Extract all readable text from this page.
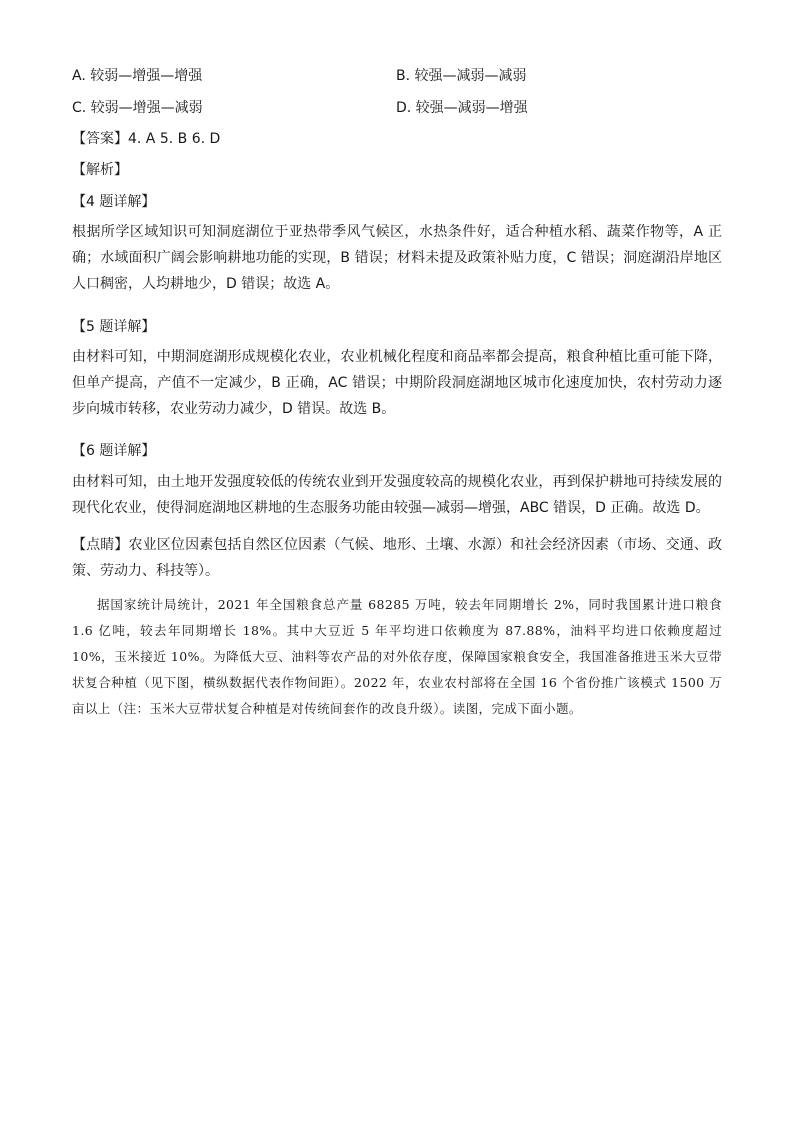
A. 较弱—增强—增强	B. 较强—减弱—减弱
C. 较弱—增强—减弱	D. 较强—减弱—增强
【答案】4. A 5. B 6. D
【解析】
【4 题详解】
根据所学区域知识可知洞庭湖位于亚热带季风气候区，水热条件好，适合种植水稻、蔬菜作物等，A 正确；水域面积广阔会影响耕地功能的实现，B 错误；材料未提及政策补贴力度，C 错误；洞庭湖沿岸地区人口稠密，人均耕地少，D 错误；故选 A。
【5 题详解】
由材料可知，中期洞庭湖形成规模化农业，农业机械化程度和商品率都会提高，粮食种植比重可能下降，但单产提高，产值不一定减少，B 正确，AC 错误；中期阶段洞庭湖地区城市化速度加快，农村劳动力逐步向城市转移，农业劳动力减少，D 错误。故选 B。
【6 题详解】
由材料可知，由土地开发强度较低的传统农业到开发强度较高的规模化农业，再到保护耕地可持续发展的现代化农业，使得洞庭湖地区耕地的生态服务功能由较强—减弱—增强，ABC 错误，D 正确。故选 D。
【点睛】农业区位因素包括自然区位因素（气候、地形、土壤、水源）和社会经济因素（市场、交通、政策、劳动力、科技等）。
据国家统计局统计，2021 年全国粮食总产量 68285 万吨，较去年同期增长 2%，同时我国累计进口粮食 1.6 亿吨，较去年同期增长 18%。其中大豆近 5 年平均进口依赖度为 87.88%，油料平均进口依赖度超过 10%，玉米接近 10%。为降低大豆、油料等农产品的对外依存度，保障国家粮食安全，我国准备推进玉米大豆带状复合种植（见下图，横纵数据代表作物间距）。2022 年，农业农村部将在全国 16 个省份推广该模式 1500 万亩以上（注：玉米大豆带状复合种植是对传统间套作的改良升级）。读图，完成下面小题。
